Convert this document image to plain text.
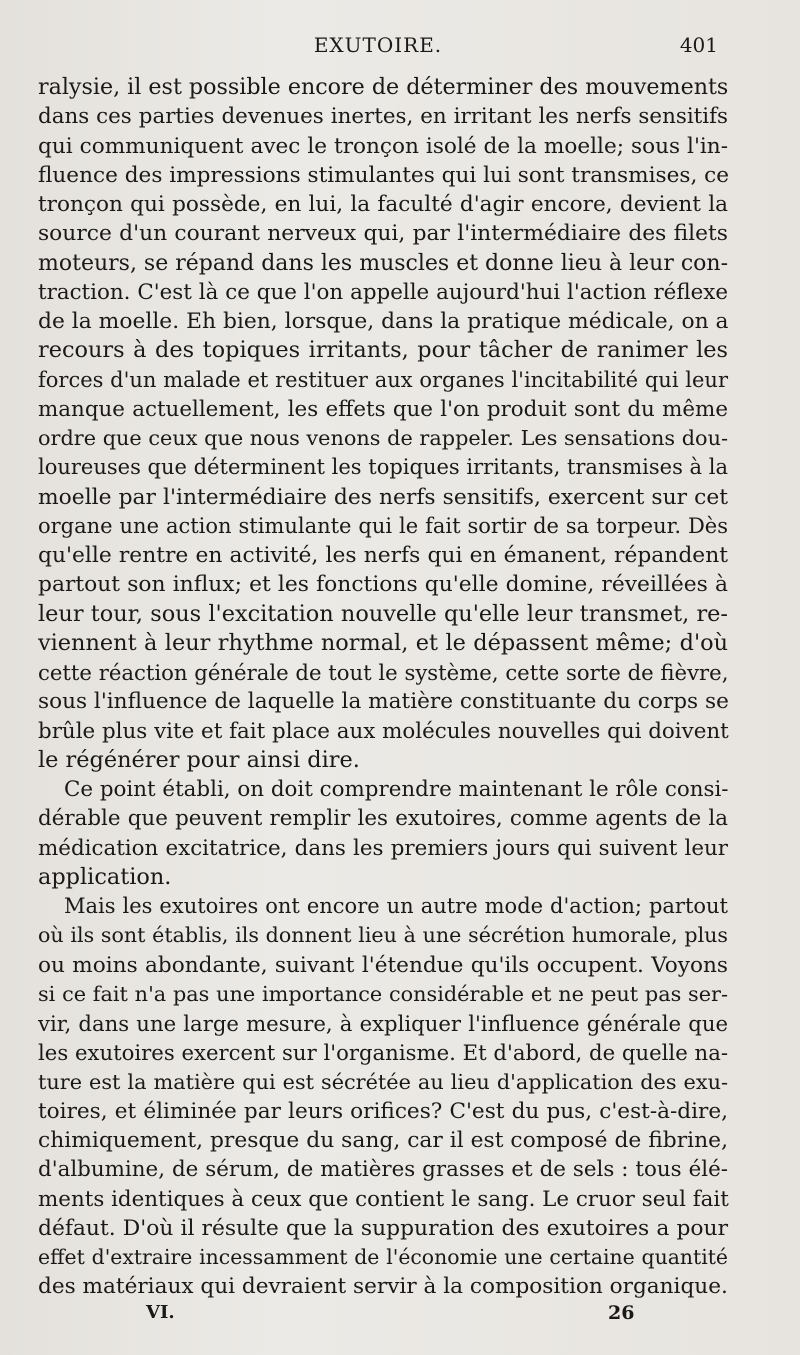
EXUTOIRE.	401
ralysie, il est possible encore de déterminer des mouvements
dans ces parties devenues inertes, en irritant les nerfs sensitifs
qui communiquent avec le tronçon isolé de la moelle; sous l'in-
fluence des impressions stimulantes qui lui sont transmises, ce
tronçon qui possède, en lui, la faculté d'agir encore, devient la
source d'un courant nerveux qui, par l'intermédiaire des filets
moteurs, se répand dans les muscles et donne lieu à leur con-
traction. C'est là ce que l'on appelle aujourd'hui l'action réflexe
de la moelle. Eh bien, lorsque, dans la pratique médicale, on a
recours à des topiques irritants, pour tâcher de ranimer les
forces d'un malade et restituer aux organes l'incitabilité qui leur
manque actuellement, les effets que l'on produit sont du même
ordre que ceux que nous venons de rappeler. Les sensations dou-
loureuses que déterminent les topiques irritants, transmises à la
moelle par l'intermédiaire des nerfs sensitifs, exercent sur cet
organe une action stimulante qui le fait sortir de sa torpeur. Dès
qu'elle rentre en activité, les nerfs qui en émanent, répandent
partout son influx; et les fonctions qu'elle domine, réveillées à
leur tour, sous l'excitation nouvelle qu'elle leur transmet, re-
viennent à leur rhythme normal, et le dépassent même; d'où
cette réaction générale de tout le système, cette sorte de fièvre,
sous l'influence de laquelle la matière constituante du corps se
brûle plus vite et fait place aux molécules nouvelles qui doivent
le régénérer pour ainsi dire.
Ce point établi, on doit comprendre maintenant le rôle consi-
dérable que peuvent remplir les exutoires, comme agents de la
médication excitatrice, dans les premiers jours qui suivent leur
application.
Mais les exutoires ont encore un autre mode d'action; partout
où ils sont établis, ils donnent lieu à une sécrétion humorale, plus
ou moins abondante, suivant l'étendue qu'ils occupent. Voyons
si ce fait n'a pas une importance considérable et ne peut pas ser-
vir, dans une large mesure, à expliquer l'influence générale que
les exutoires exercent sur l'organisme. Et d'abord, de quelle na-
ture est la matière qui est sécrétée au lieu d'application des exu-
toires, et éliminée par leurs orifices? C'est du pus, c'est-à-dire,
chimiquement, presque du sang, car il est composé de fibrine,
d'albumine, de sérum, de matières grasses et de sels : tous élé-
ments identiques à ceux que contient le sang. Le cruor seul fait
défaut. D'où il résulte que la suppuration des exutoires a pour
effet d'extraire incessamment de l'économie une certaine quantité
des matériaux qui devraient servir à la composition organique.
VI.	26
